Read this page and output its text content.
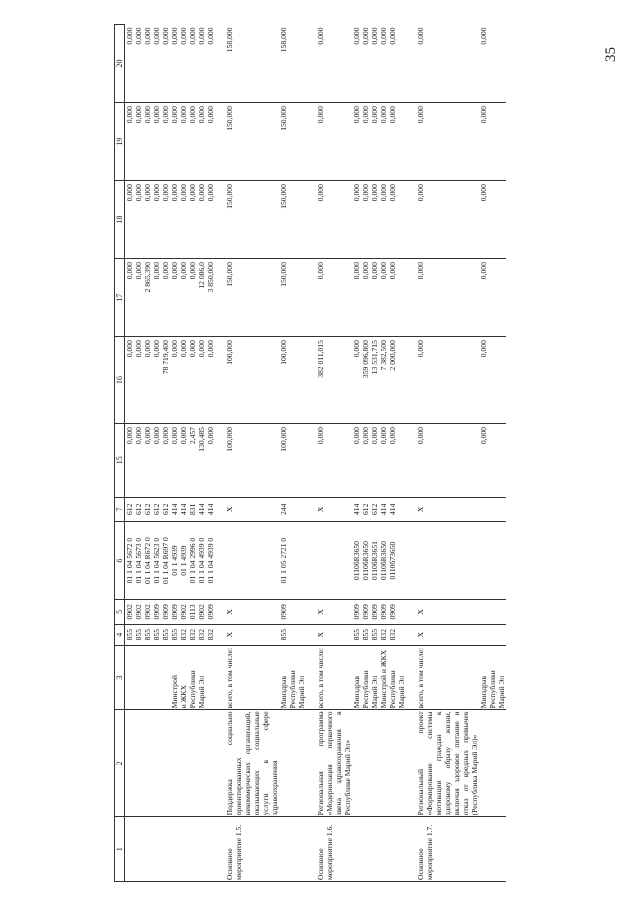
35
1	2	3	4	5	6	7	15	16	17	18	19	20
			855	0902	01 1 04 5672 0	612	0,000	0,000	0,000	0,000	0,000	0,000
			855	0902	01 1 04 5673 0	612	0,000	0,000	0,000	0,000	0,000	0,000
			855	0902	01 1 04 R672 0	612	0,000	0,000	2 865,390	0,000	0,000	0,000
			855	0909	01 1 04 5623 0	612	0,000	0,000	0,000	0,000	0,000	0,000
			855	0909	01 1 04 R697 0	612	0,000	78 719,400	0,000	0,000	0,000	0,000
		Минстрой	855	0909	01 1 4939	414	0,000	0,000	0,000	0,000	0,000	0,000
		и ЖКХ	832	0902	01 1 4939	414	0,000	0,000	0,000	0,000	0,000	0,000
		Республики	832	0113	01 1 04 2996 0	831	2,457	0,000	0,000	0,000	0,000	0,000
		Марий Эл	832	0902	01 1 04 4939 0	414	130,485	0,000	12 086,0	0,000	0,000	0,000
			832	0909	01 1 04 4939 0	414	0,000	0,000	3 850,000	0,000	0,000	0,000

Основное мероприятие 1.5.	Поддержка социально ориентированных некоммерческих организаций, оказывающих социальные услуги в сфере здравоохранения	всего, в том числе:	Х	Х		Х	100,000	100,000	150,000	150,000	150,000	158,000
		Минздрав Республики Марий Эл	855	0909	01 1 05 2721 0	244	100,000	100,000	150,000	150,000	150,000	158,000

Основное мероприятие 1.6.	Региональная программа «Модернизация первичного звена здравоохранения в Республике Марий Эл»	всего, в том числе:	Х	Х		Х	0,000	382 011,015	0,000	0,000	0,000	0,000
		Минздрав	855	0909	0110бR3650	414	0,000	0,000	0,000	0,000	0,000	0,000
		Республики	855	0909	0110бR3650	612	0,000	359 096,800	0,000	0,000	0,000	0,000
		Марий Эл	855	0909	0110бR3651	612	0,000	13 531,715	0,000	0,000	0,000	0,000
		Минстрой и ЖКХ	832	0909	0110бR3650	414	0,000	7 382,500	0,000	0,000	0,000	0,000
		Республики Марий Эл	832	0909	0110б73650	414	0,000	2 000,000	0,000	0,000	0,000	0,000

Основное мероприятие 1.7.	Региональный проект «Формирование системы мотивации граждан к здоровому образу жизни, включая здоровое питание и отказ от вредных привычек (Республика Марий Эл)»	всего, в том числе:	Х	Х		Х	0,000	0,000	0,000	0,000	0,000	0,000
		Минздрав Республики Марий Эл					0,000	0,000	0,000	0,000	0,000	0,000
